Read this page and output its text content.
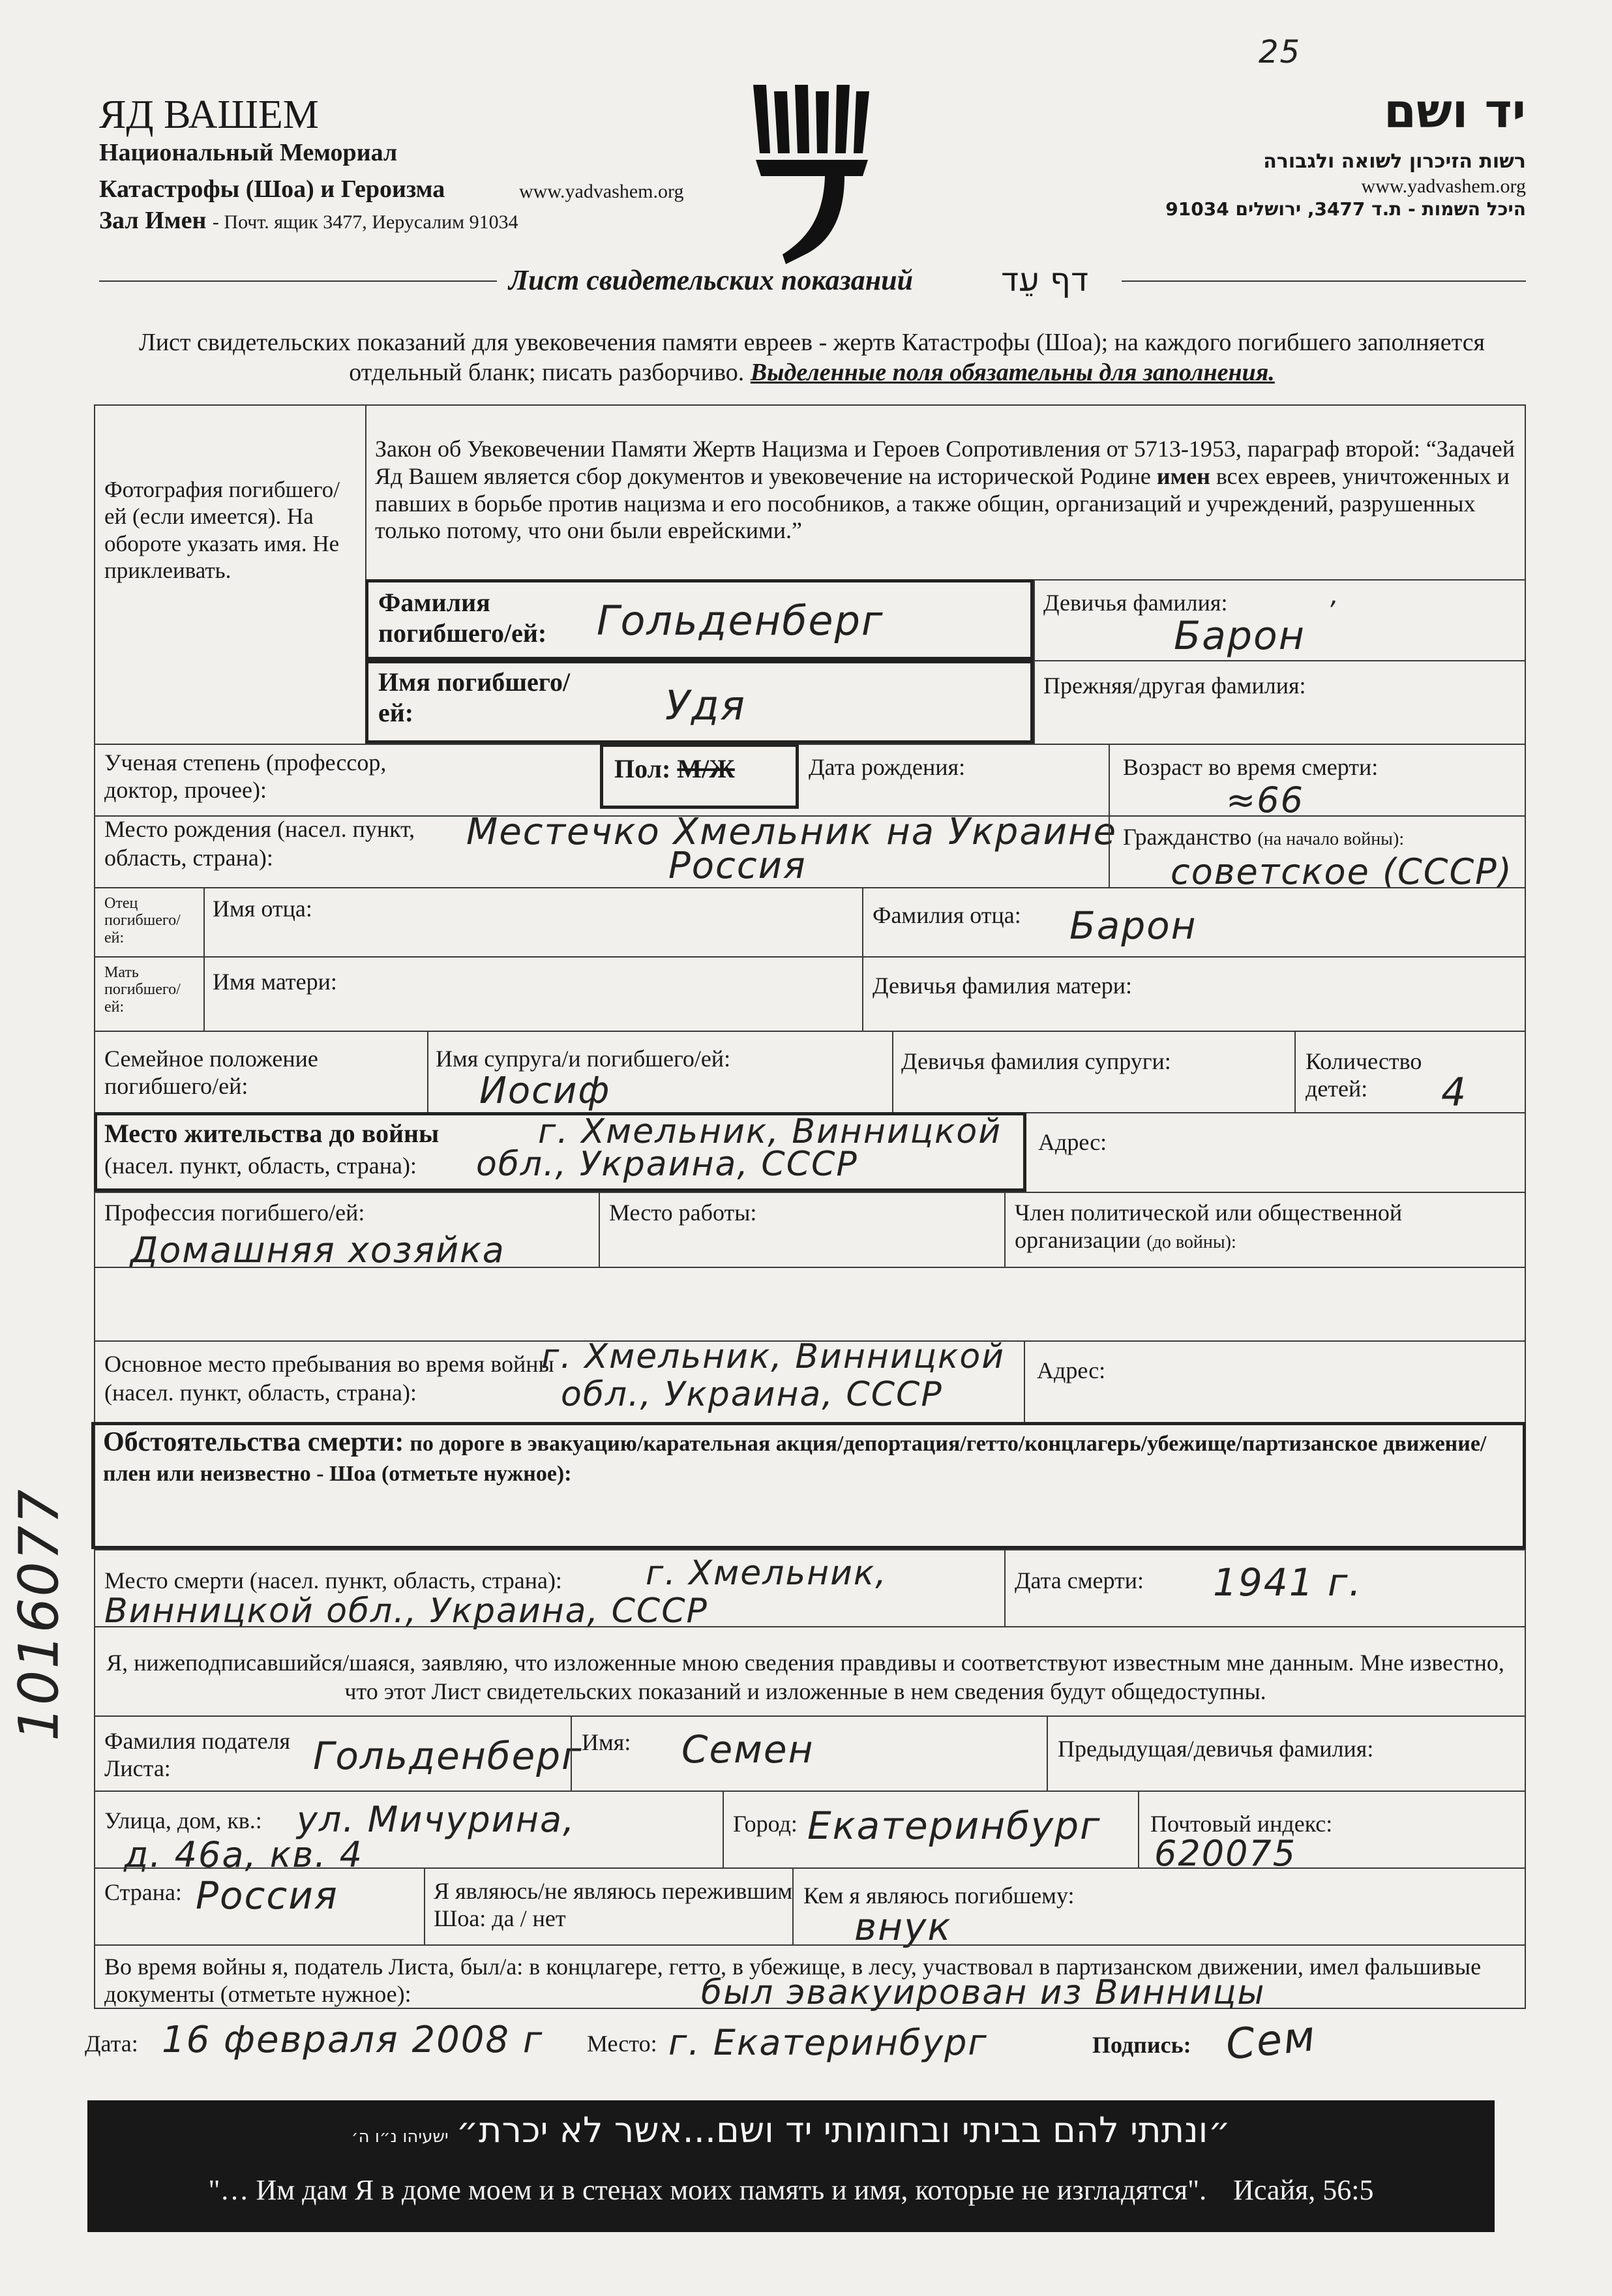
25
ЯД ВАШЕМ
Национальный Мемориал
Катастрофы (Шоа) и Героизма	www.yadvashem.org
Зал Имен - Почт. ящик 3477, Иерусалим 91034
יד ושם
רשות הזיכרון לשואה ולגבורה
www.yadvashem.org
היכל השמות - ת.ד 3477, ירושלים 91034
Лист свидетельских показаний	דף עֵד
Лист свидетельских показаний для увековечения памяти евреев - жертв Катастрофы (Шоа); на каждого погибшего заполняется отдельный бланк; писать разборчиво. Выделенные поля обязательны для заполнения.
Фотография погибшего/ей (если имеется). На обороте указать имя. Не приклеивать.
Закон об Увековечении Памяти Жертв Нацизма и Героев Сопротивления от 5713-1953, параграф второй: “Задачей Яд Вашем является сбор документов и увековечение на исторической Родине имен всех евреев, уничтоженных и павших в борьбе против нацизма и его пособников, а также общин, организаций и учреждений, разрушенных только потому, что они были еврейскими.”
Фамилия погибшего/ей:	Гольденберг	Девичья фамилия:	,
Барон
Имя погибшего/ей:	Удя	Прежняя/другая фамилия:
Ученая степень (профессор, доктор, прочее):
Пол: М/Ж	Дата рождения:	Возраст во время смерти:
≈66
Место рождения (насел. пункт, область, страна):
Местечко Хмельник на Украине
Россия
Гражданство (на начало войны):
советское (СССР)
Отец погибшего/ей:
Имя отца:	Фамилия отца: Барон
Мать погибшего/ей:
Имя матери:	Девичья фамилия матери:
Семейное положение погибшего/ей:
Имя супруга/и погибшего/ей:
Иосиф
Девичья фамилия супруги:	Количество детей:	4
Место жительства до войны
(насел. пункт, область, страна):
г. Хмельник, Винницкой
обл., Украина, СССР
Адрес:
Профессия погибшего/ей:
Домашняя хозяйка
Место работы:	Член политической или общественной организации (до войны):
Основное место пребывания во время войны (насел. пункт, область, страна):
г. Хмельник, Винницкой
обл., Украина, СССР
Адрес:
Обстоятельства смерти: по дороге в эвакуацию/карательная акция/депортация/гетто/концлагерь/убежище/партизанское движение/плен или неизвестно - Шоа (отметьте нужное):
Место смерти (насел. пункт, область, страна): г. Хмельник,
Винницкой обл., Украина, СССР
Дата смерти: 1941 г.
Я, нижеподписавшийся/шаяся, заявляю, что изложенные мною сведения правдивы и соответствуют известным мне данным. Мне известно, что этот Лист свидетельских показаний и изложенные в нем сведения будут общедоступны.
Фамилия подателя Листа:	Гольденберг
Имя: Семен	Предыдущая/девичья фамилия:
Улица, дом, кв.: ул. Мичурина,
д. 46а, кв. 4
Город: Екатеринбург Почтовый индекс:
620075
Страна: Россия	Я являюсь/не являюсь пережившим Шоа: да / нет
Кем я являюсь погибшему:
внук
Во время войны я, податель Листа, был/а: в концлагере, гетто, в убежище, в лесу, участвовал в партизанском движении, имел фальшивые документы (отметьте нужное):	был эвакуирован из Винницы
Дата: 16 февраля 2008 г Место: г. Екатеринбург	Подпись: Сем
1016077
״ונתתי להם בביתי ובחומותי יד ושם...אשר לא יכרת״ ישעיהו נ״ו ה׳
"… Им дам Я в доме моем и в стенах моих память и имя, которые не изгладятся". Исайя, 56:5
